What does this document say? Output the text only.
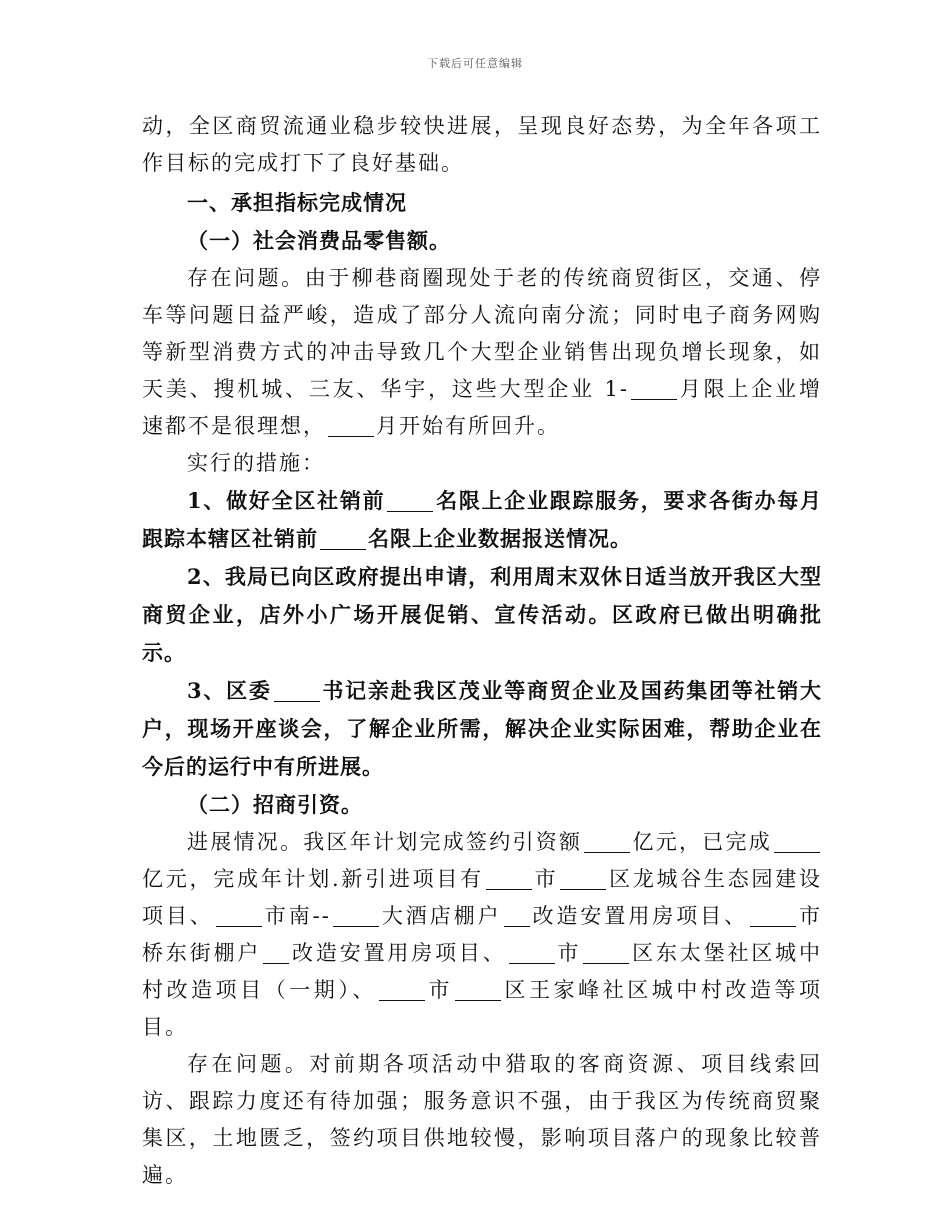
下载后可任意编辑

动，全区商贸流通业稳步较快进展，呈现良好态势，为全年各项工作目标的完成打下了良好基础。

一、承担指标完成情况

（一）社会消费品零售额。

存在问题。由于柳巷商圈现处于老的传统商贸街区，交通、停车等问题日益严峻，造成了部分人流向南分流；同时电子商务网购等新型消费方式的冲击导致几个大型企业销售出现负增长现象，如天美、搜机城、三友、华宇，这些大型企业 1- 月限上企业增速都不是很理想， 月开始有所回升。

实行的措施：

1、做好全区社销前 名限上企业跟踪服务，要求各街办每月跟踪本辖区社销前 名限上企业数据报送情况。

2、我局已向区政府提出申请，利用周末双休日适当放开我区大型商贸企业，店外小广场开展促销、宣传活动。区政府已做出明确批示。

3、区委 书记亲赴我区茂业等商贸企业及国药集团等社销大户，现场开座谈会，了解企业所需，解决企业实际困难，帮助企业在今后的运行中有所进展。

（二）招商引资。

进展情况。我区年计划完成签约引资额 亿元，已完成亿元，完成年计划.新引进项目有 市 区龙城谷生态园建设项目、 市南-- 大酒店棚户 改造安置用房项目、 市桥东街棚户 改造安置用房项目、 市 区东太堡社区城中村改造项目（一期）、 市 区王家峰社区城中村改造等项目。

存在问题。对前期各项活动中猎取的客商资源、项目线索回访、跟踪力度还有待加强；服务意识不强，由于我区为传统商贸聚集区，土地匮乏，签约项目供地较慢，影响项目落户的现象比较普遍。
